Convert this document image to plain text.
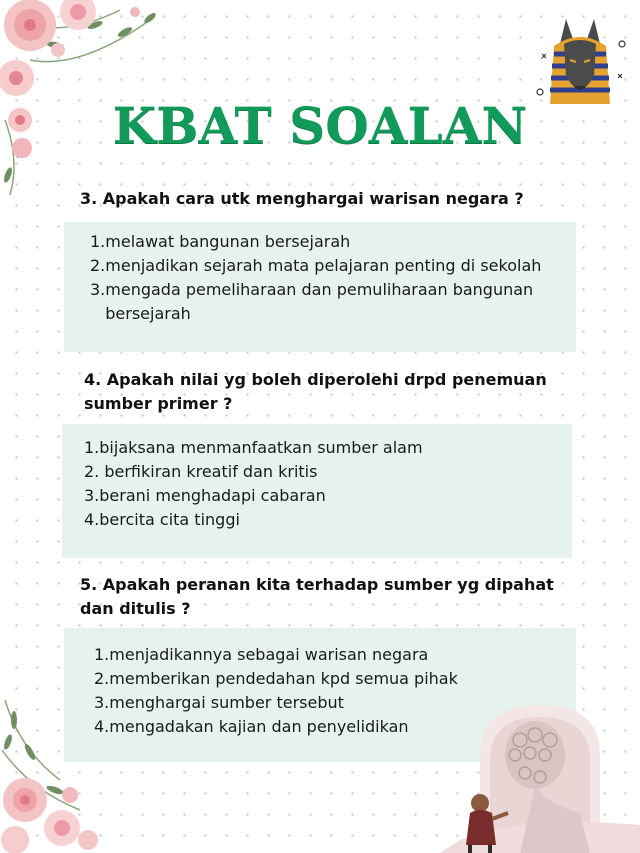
KBAT SOALAN
3. Apakah cara utk menghargai warisan negara ?
1. melawat bangunan bersejarah
2. menjadikan sejarah mata pelajaran penting di sekolah
3. mengada pemeliharaan dan pemuliharaan bangunan bersejarah
4. Apakah nilai yg boleh diperolehi drpd penemuan sumber primer ?
1. bijaksana menmanfaatkan sumber alam
2. berfikiran kreatif dan kritis
3. berani menghadapi cabaran
4. bercita cita tinggi
5. Apakah peranan kita terhadap sumber yg dipahat dan ditulis ?
1. menjadikannya sebagai warisan negara
2. memberikan pendedahan kpd semua pihak
3. menghargai sumber tersebut
4. mengadakan kajian dan penyelidikan
